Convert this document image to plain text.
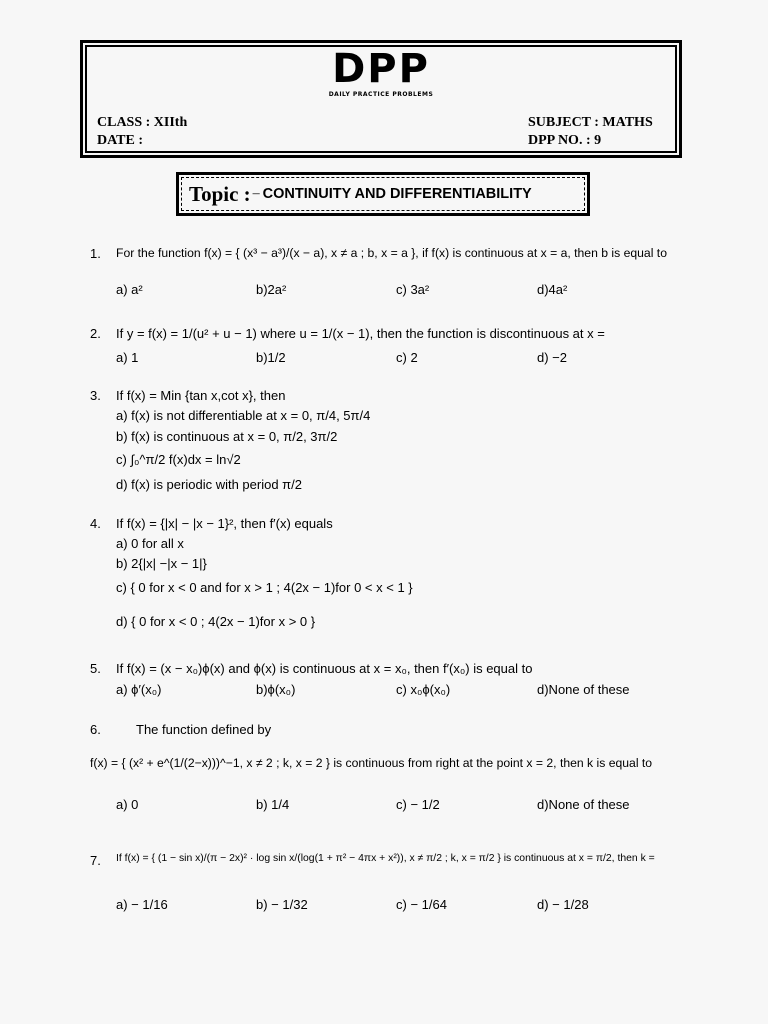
DPP
DAILY PRACTICE PROBLEMS
CLASS : XIIth
DATE :
SUBJECT : MATHS
DPP NO. : 9
Topic : – CONTINUITY AND DIFFERENTIABILITY
1. For the function f(x) = { (x³ − a³)/(x − a), x ≠ a ; b, x = a }, if f(x) is continuous at x = a, then b is equal to
a) a²	b)2a²	c) 3a²	d)4a²
2. If y = f(x) = 1/(u² + u − 1) where u = 1/(x − 1), then the function is discontinuous at x =
a) 1	b)1/2	c) 2	d) −2
3. If f(x) = Min {tan x,cot x}, then
a) f(x) is not differentiable at x = 0, π/4, 5π/4
b) f(x) is continuous at x = 0, π/2, 3π/2
c) ∫₀^π/2 f(x)dx = ln√2
d) f(x) is periodic with period π/2
4. If f(x) = {|x| − |x − 1}², then f′(x) equals
a) 0 for all x
b) 2{|x| −|x − 1|}
c) { 0 for x < 0 and for x > 1 ; 4(2x − 1)for 0 < x < 1 }
d) { 0 for x < 0 ; 4(2x − 1)for x > 0 }
5. If f(x) = (x − x₀)ϕ(x) and ϕ(x) is continuous at x = x₀, then f′(x₀) is equal to
a) ϕ′(x₀)	b)ϕ(x₀)	c) x₀ϕ(x₀)	d)None of these
6.	The function defined by
f(x) = { (x² + e^(1/(2−x)))^−1, x ≠ 2 ; k, x = 2 } is continuous from right at the point x = 2, then k is equal to
a) 0	b) 1/4	c) − 1/2	d)None of these
7. If f(x) = { (1 − sin x)/(π − 2x)² · log sin x/(log(1 + π² − 4πx + x²)), x ≠ π/2 ; k, x = π/2 } is continuous at x = π/2, then k =
a) − 1/16	b) − 1/32	c) − 1/64	d) − 1/28
